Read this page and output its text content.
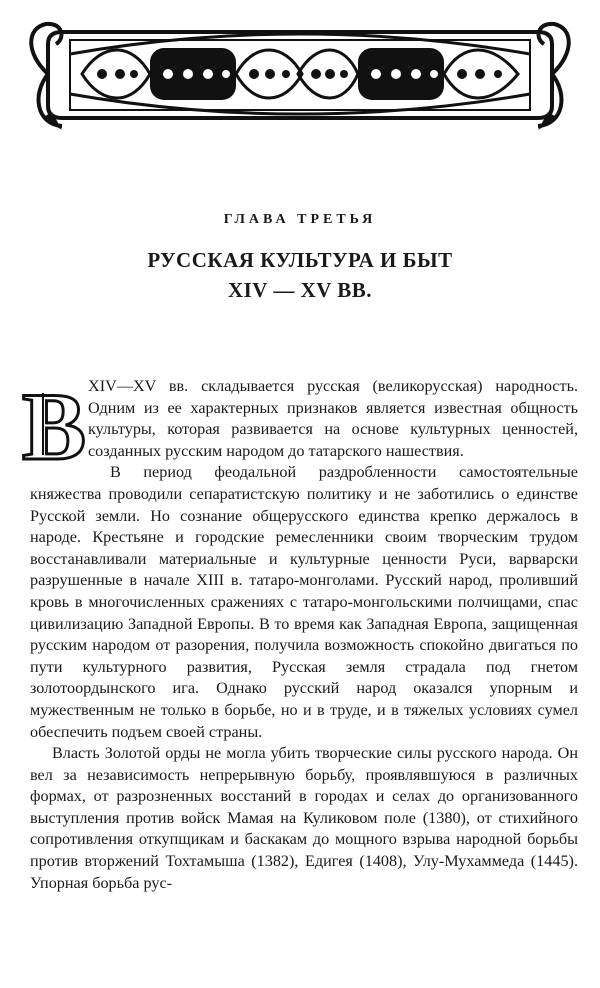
ГЛАВА ТРЕТЬЯ
РУССКАЯ КУЛЬТУРА И БЫТ
XIV — XV ВВ.

В XIV—XV вв. складывается русская (великорусская) народность. Одним из ее характерных признаков является известная общность культуры, которая развивается на основе культурных ценностей, созданных русским народом до татарского нашествия.

В период феодальной раздробленности самостоятельные княжества проводили сепаратистскую политику и не заботились о единстве Русской земли. Но сознание общерусского единства крепко держалось в народе. Крестьяне и городские ремесленники своим творческим трудом восстанавливали материальные и культурные ценности Руси, варварски разрушенные в начале XIII в. татаро-монголами. Русский народ, проливший кровь в многочисленных сражениях с татаро-монгольскими полчищами, спас цивилизацию Западной Европы. В то время как Западная Европа, защищенная русским народом от разорения, получила возможность спокойно двигаться по пути культурного развития, Русская земля страдала под гнетом золотоордынского ига. Однако русский народ оказался упорным и мужественным не только в борьбе, но и в труде, и в тяжелых условиях сумел обеспечить подъем своей страны.

Власть Золотой орды не могла убить творческие силы русского народа. Он вел за независимость непрерывную борьбу, проявлявшуюся в различных формах, от разрозненных восстаний в городах и селах до организованного выступления против войск Мамая на Куликовом поле (1380), от стихийного сопротивления откупщикам и баскакам до мощного взрыва народной борьбы против вторжений Тохтамыша (1382), Едигея (1408), Улу-Мухаммеда (1445). Упорная борьба рус-
